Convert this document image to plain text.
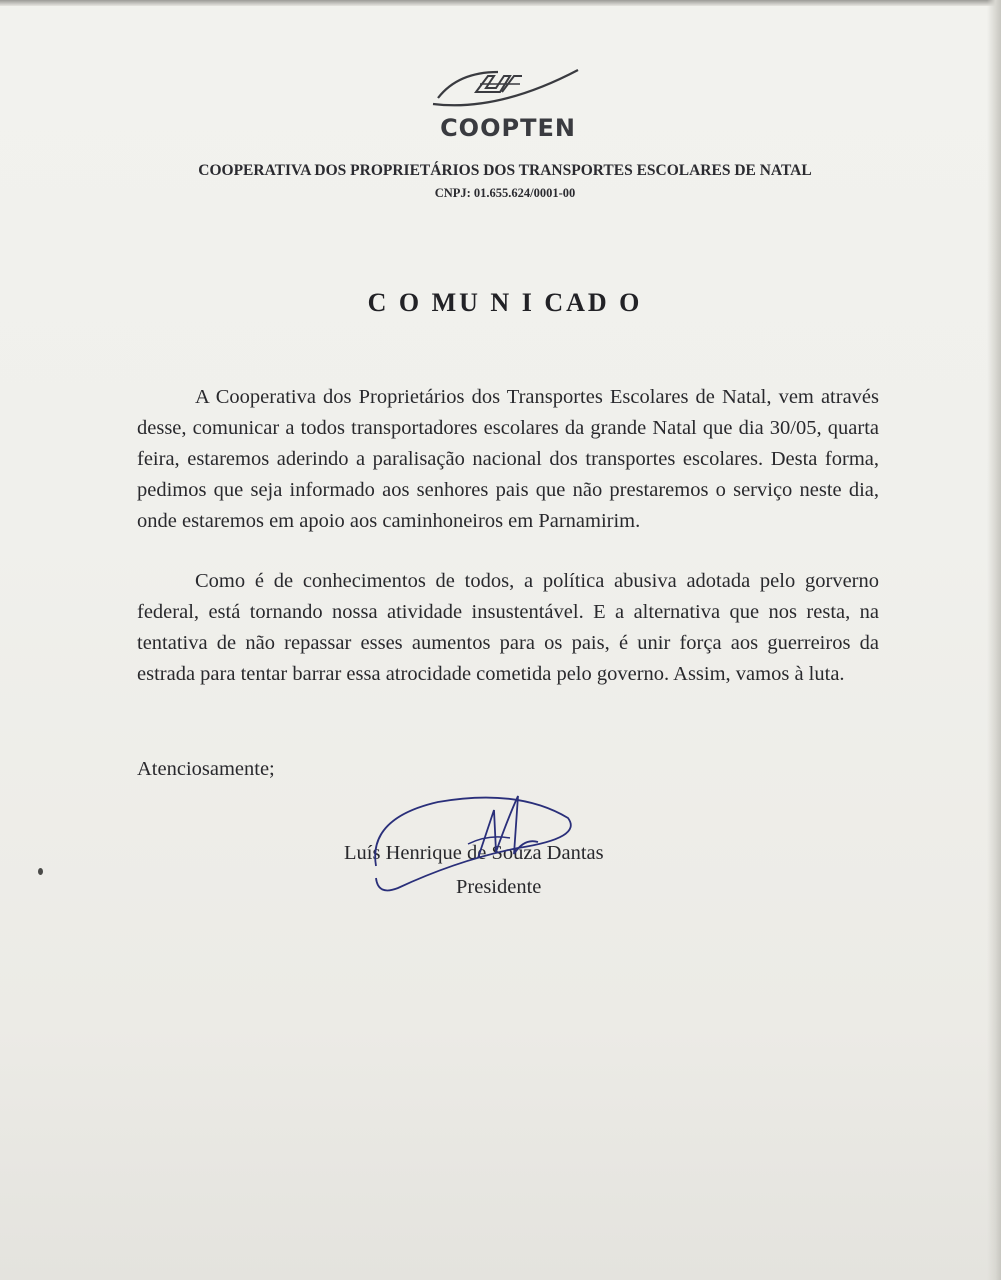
COOPTEN
COOPERATIVA DOS PROPRIETÁRIOS DOS TRANSPORTES ESCOLARES DE NATAL
CNPJ: 01.655.624/0001-00
C O MU N I CAD O
A Cooperativa dos Proprietários dos Transportes Escolares de Natal, vem através desse, comunicar a todos transportadores escolares da grande Natal que dia 30/05, quarta feira, estaremos aderindo a paralisação nacional dos transportes escolares. Desta forma, pedimos que seja informado aos senhores pais que não prestaremos o serviço neste dia, onde estaremos em apoio aos caminhoneiros em Parnamirim.
Como é de conhecimentos de todos, a política abusiva adotada pelo gorverno federal, está tornando nossa atividade insustentável. E a alternativa que nos resta, na tentativa de não repassar esses aumentos para os pais, é unir força aos guerreiros da estrada para tentar barrar essa atrocidade cometida pelo governo. Assim, vamos à luta.
Atenciosamente;
Luís Henrique de Souza Dantas
Presidente
